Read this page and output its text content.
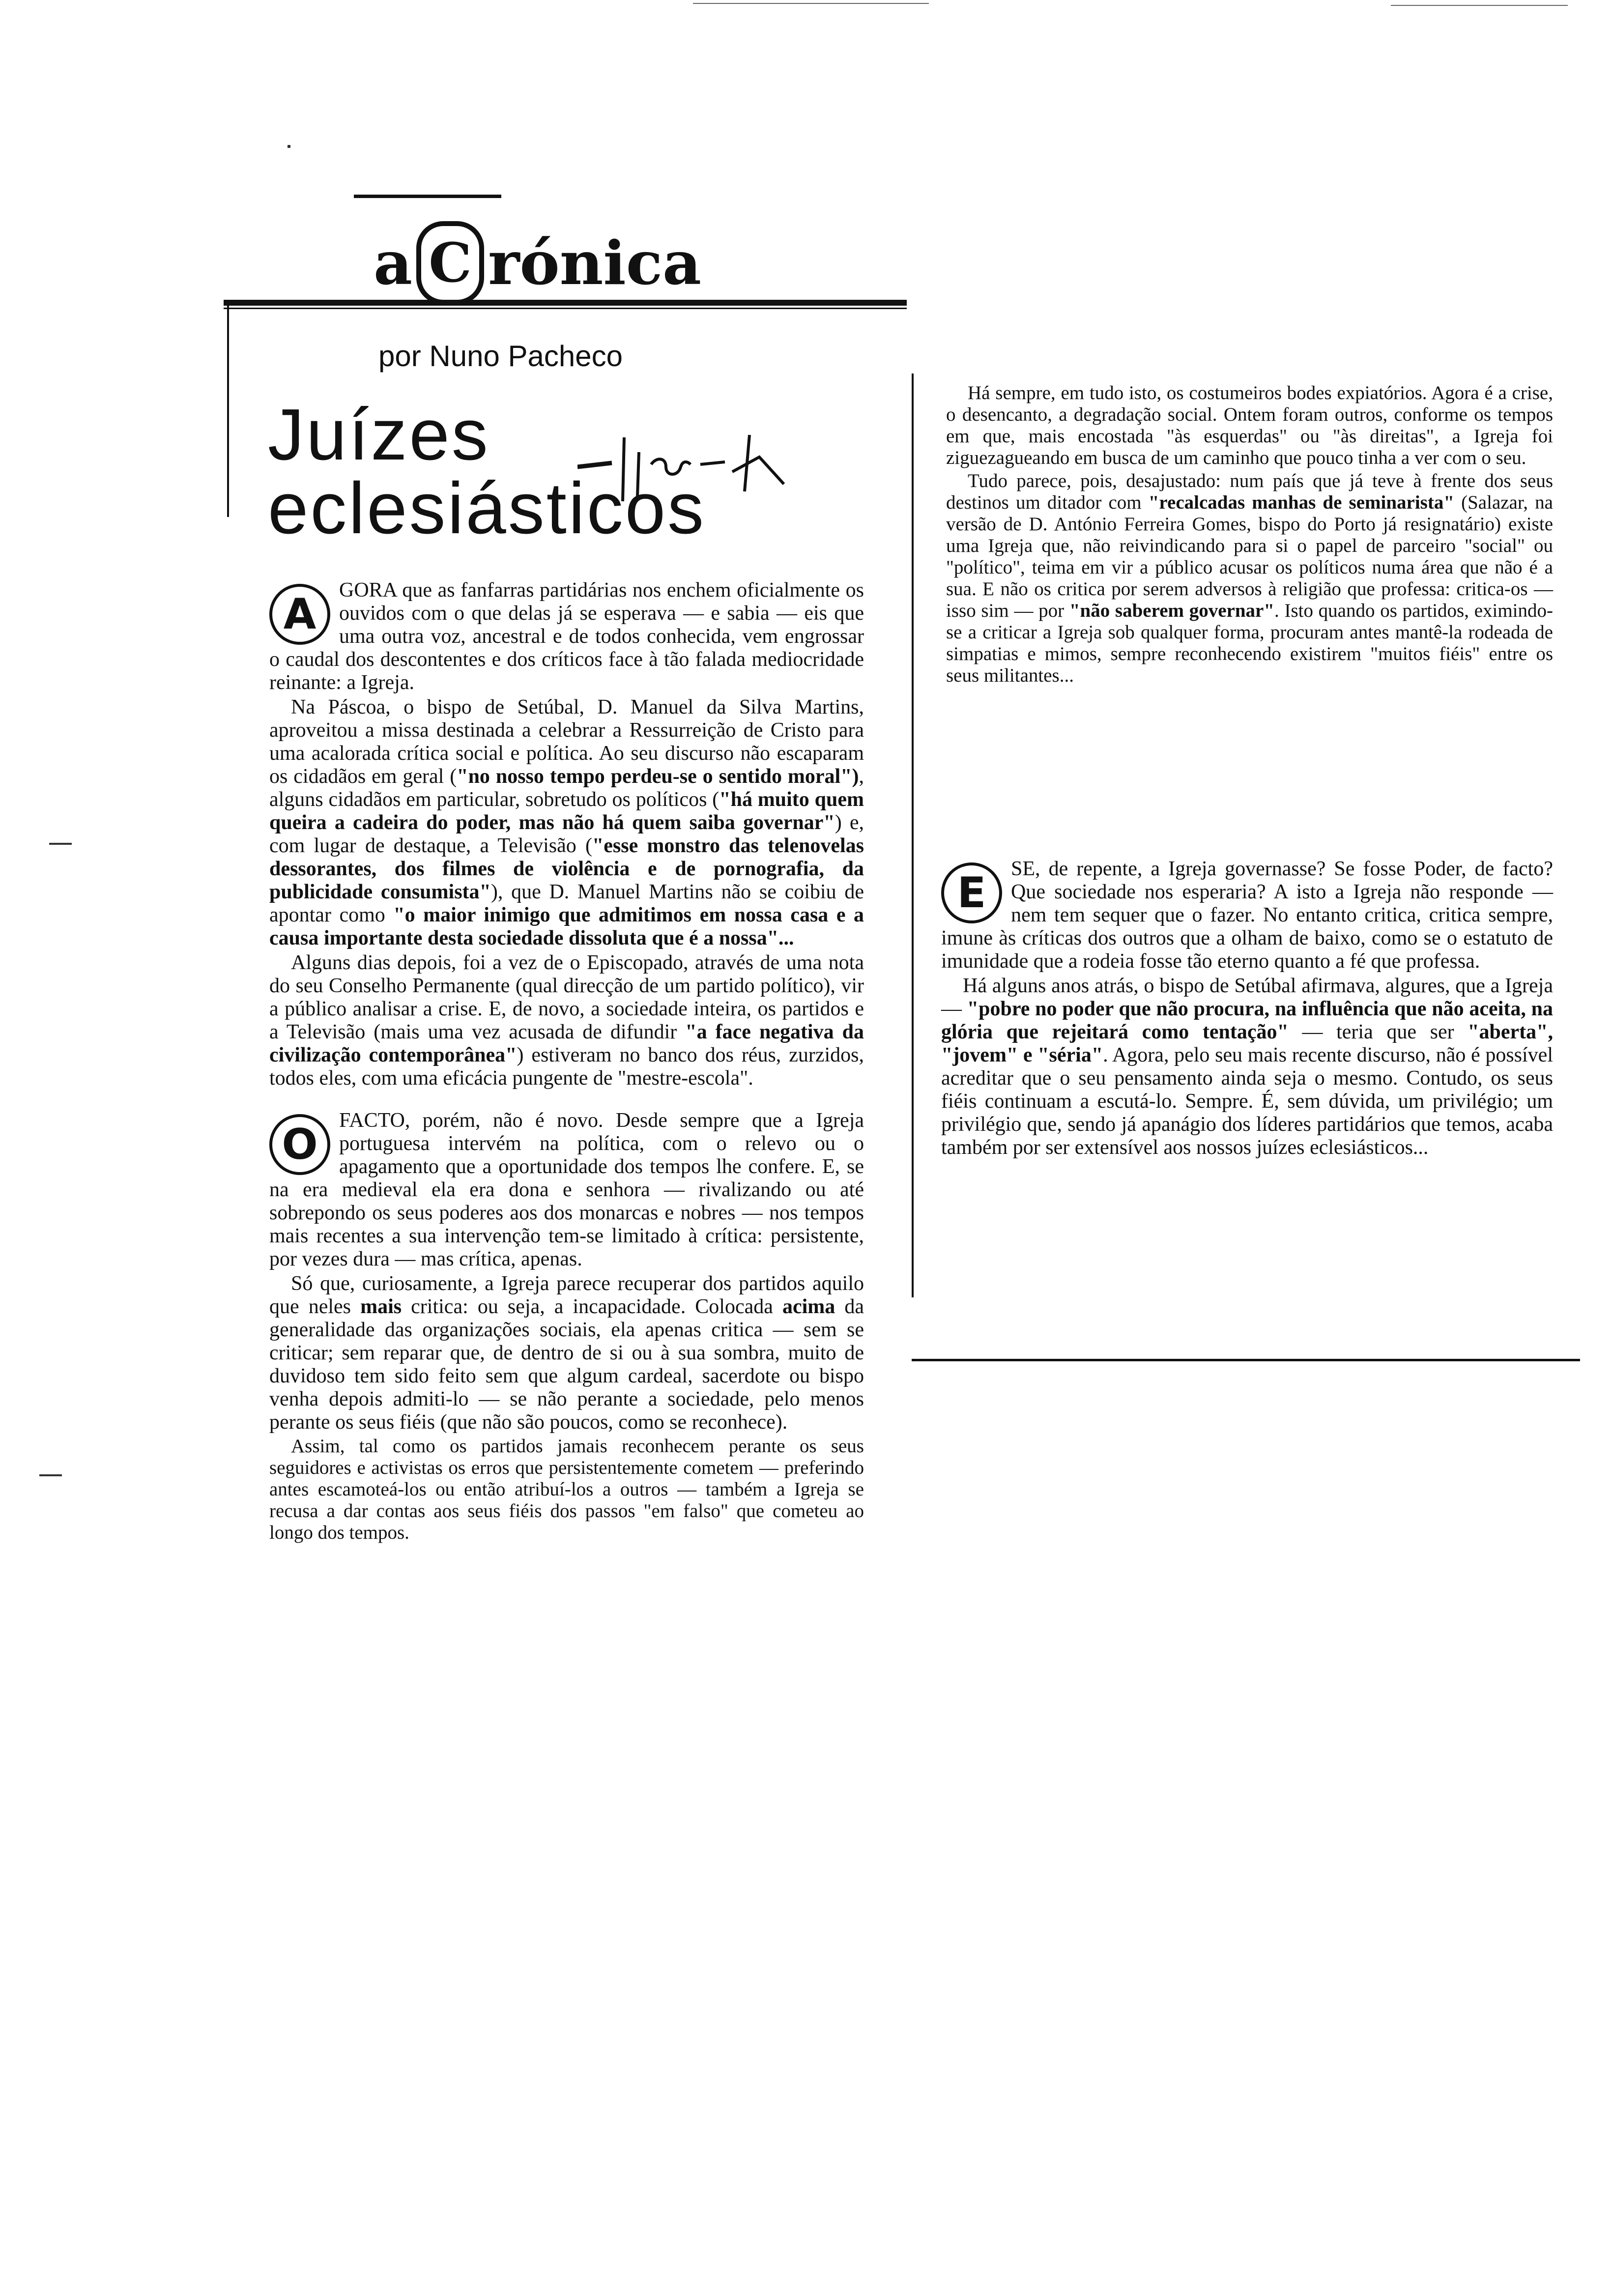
a C rónica
por Nuno Pacheco
Juízes
eclesiásticos

A	GORA que as fanfarras partidárias nos enchem oficialmente os ouvidos com o que delas já se esperava — e sabia — eis que uma outra voz, ancestral e de todos conhecida, vem engrossar o caudal dos descontentes e dos críticos face à tão falada mediocridade reinante: a Igreja.

Na Páscoa, o bispo de Setúbal, D. Manuel da Silva Martins, aproveitou a missa destinada a celebrar a Ressurreição de Cristo para uma acalorada crítica social e política. Ao seu discurso não escaparam os cidadãos em geral ("no nosso tempo perdeu-se o sentido moral"), alguns cidadãos em particular, sobretudo os políticos ("há muito quem queira a cadeira do poder, mas não há quem saiba governar") e, com lugar de destaque, a Televisão ("esse monstro das telenovelas dessorantes, dos filmes de violência e de pornografia, da publicidade consumista"), que D. Manuel Martins não se coibiu de apontar como "o maior inimigo que admitimos em nossa casa e a causa importante desta sociedade dissoluta que é a nossa"...

Alguns dias depois, foi a vez de o Episcopado, através de uma nota do seu Conselho Permanente (qual direcção de um partido político), vir a público analisar a crise. E, de novo, a sociedade inteira, os partidos e a Televisão (mais uma vez acusada de difundir "a face negativa da civilização contemporânea") estiveram no banco dos réus, zurzidos, todos eles, com uma eficácia pungente de "mestre-escola".

O	FACTO, porém, não é novo. Desde sempre que a Igreja portuguesa intervém na política, com o relevo ou o apagamento que a oportunidade dos tempos lhe confere. E, se na era medieval ela era dona e senhora — rivalizando ou até sobrepondo os seus poderes aos dos monarcas e nobres — nos tempos mais recentes a sua intervenção tem-se limitado à crítica: persistente, por vezes dura — mas crítica, apenas.

Só que, curiosamente, a Igreja parece recuperar dos partidos aquilo que neles mais critica: ou seja, a incapacidade. Colocada acima da generalidade das organizações sociais, ela apenas critica — sem se criticar; sem reparar que, de dentro de si ou à sua sombra, muito de duvidoso tem sido feito sem que algum cardeal, sacerdote ou bispo venha depois admiti-lo — se não perante a sociedade, pelo menos perante os seus fiéis (que não são poucos, como se reconhece).

Assim, tal como os partidos jamais reconhecem perante os seus seguidores e activistas os erros que persistentemente cometem — preferindo antes escamoteá-los ou então atribuí-los a outros — também a Igreja se recusa a dar contas aos seus fiéis dos passos "em falso" que cometeu ao longo dos tempos.

Há sempre, em tudo isto, os costumeiros bodes expiatórios. Agora é a crise, o desencanto, a degradação social. Ontem foram outros, conforme os tempos em que, mais encostada "às esquerdas" ou "às direitas", a Igreja foi ziguezagueando em busca de um caminho que pouco tinha a ver com o seu.

Tudo parece, pois, desajustado: num país que já teve à frente dos seus destinos um ditador com "recalcadas manhas de seminarista" (Salazar, na versão de D. António Ferreira Gomes, bispo do Porto já resignatário) existe uma Igreja que, não reivindicando para si o papel de parceiro "social" ou "político", teima em vir a público acusar os políticos numa área que não é a sua. E não os critica por serem adversos à religião que professa: critica-os — isso sim — por "não saberem governar". Isto quando os partidos, eximindo-se a criticar a Igreja sob qualquer forma, procuram antes mantê-la rodeada de simpatias e mimos, sempre reconhecendo existirem "muitos fiéis" entre os seus militantes...

E	SE, de repente, a Igreja governasse? Se fosse Poder, de facto? Que sociedade nos esperaria? A isto a Igreja não responde — nem tem sequer que o fazer. No entanto critica, critica sempre, imune às críticas dos outros que a olham de baixo, como se o estatuto de imunidade que a rodeia fosse tão eterno quanto a fé que professa.

Há alguns anos atrás, o bispo de Setúbal afirmava, algures, que a Igreja — "pobre no poder que não procura, na influência que não aceita, na glória que rejeitará como tentação" — teria que ser "aberta", "jovem" e "séria". Agora, pelo seu mais recente discurso, não é possível acreditar que o seu pensamento ainda seja o mesmo. Contudo, os seus fiéis continuam a escutá-lo. Sempre. É, sem dúvida, um privilégio; um privilégio que, sendo já apanágio dos líderes partidários que temos, acaba também por ser extensível aos nossos juízes eclesiásticos...
